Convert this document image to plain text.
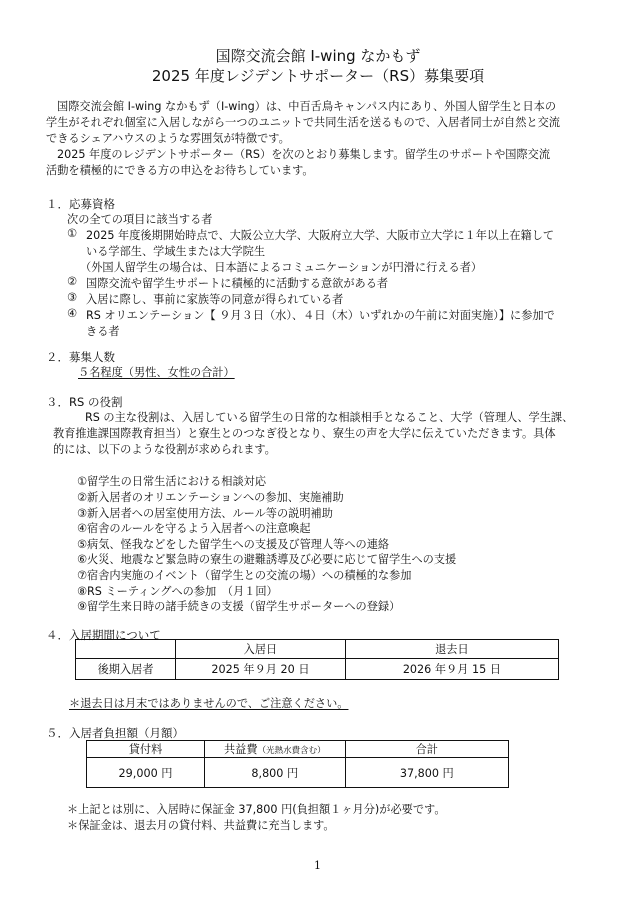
国際交流会館 I-wing なかもず
2025 年度レジデントサポーター（RS）募集要項
国際交流会館 I-wing なかもず（I-wing）は、中百舌鳥キャンパス内にあり、外国人留学生と日本の
学生がそれぞれ個室に入居しながら一つのユニットで共同生活を送るもので、入居者同士が自然と交流
できるシェアハウスのような雰囲気が特徴です。
2025 年度のレジデントサポーター（RS）を次のとおり募集します。留学生のサポートや国際交流
活動を積極的にできる方の申込をお待ちしています。
１．応募資格
次の全ての項目に該当する者
① 2025 年度後期開始時点で、大阪公立大学、大阪府立大学、大阪市立大学に１年以上在籍して
いる学部生、学域生または大学院生
（外国人留学生の場合は、日本語によるコミュニケーションが円滑に行える者）
② 国際交流や留学生サポートに積極的に活動する意欲がある者
③ 入居に際し、事前に家族等の同意が得られている者
④ RS オリエンテーション【 ９月３日（水）、４日（木）いずれかの午前に対面実施）】に参加で
きる者
２．募集人数
５名程度（男性、女性の合計）
３．RS の役割
RS の主な役割は、入居している留学生の日常的な相談相手となること、大学（管理人、学生課、
教育推進課国際教育担当）と寮生とのつなぎ役となり、寮生の声を大学に伝えていただきます。具体
的には、以下のような役割が求められます。
①留学生の日常生活における相談対応
②新入居者のオリエンテーションへの参加、実施補助
③新入居者への居室使用方法、ルール等の説明補助
④宿舎のルールを守るよう入居者への注意喚起
⑤病気、怪我などをした留学生への支援及び管理人等への連絡
⑥火災、地震など緊急時の寮生の避難誘導及び必要に応じて留学生への支援
⑦宿舎内実施のイベント（留学生との交流の場）への積極的な参加
⑧RS ミーティングへの参加　（月１回）
⑨留学生来日時の諸手続きの支援（留学生サポーターへの登録）
４．入居期間について
	入居日	退去日
後期入居者	2025 年９月 20 日	2026 年９月 15 日
＊退去日は月末ではありませんので、ご注意ください。
５．入居者負担額（月額）
貸付料	共益費（光熱水費含む）	合計
29,000 円	8,800 円	37,800 円
＊上記とは別に、入居時に保証金 37,800 円(負担額１ヶ月分)が必要です。
＊保証金は、退去月の貸付料、共益費に充当します。
1
